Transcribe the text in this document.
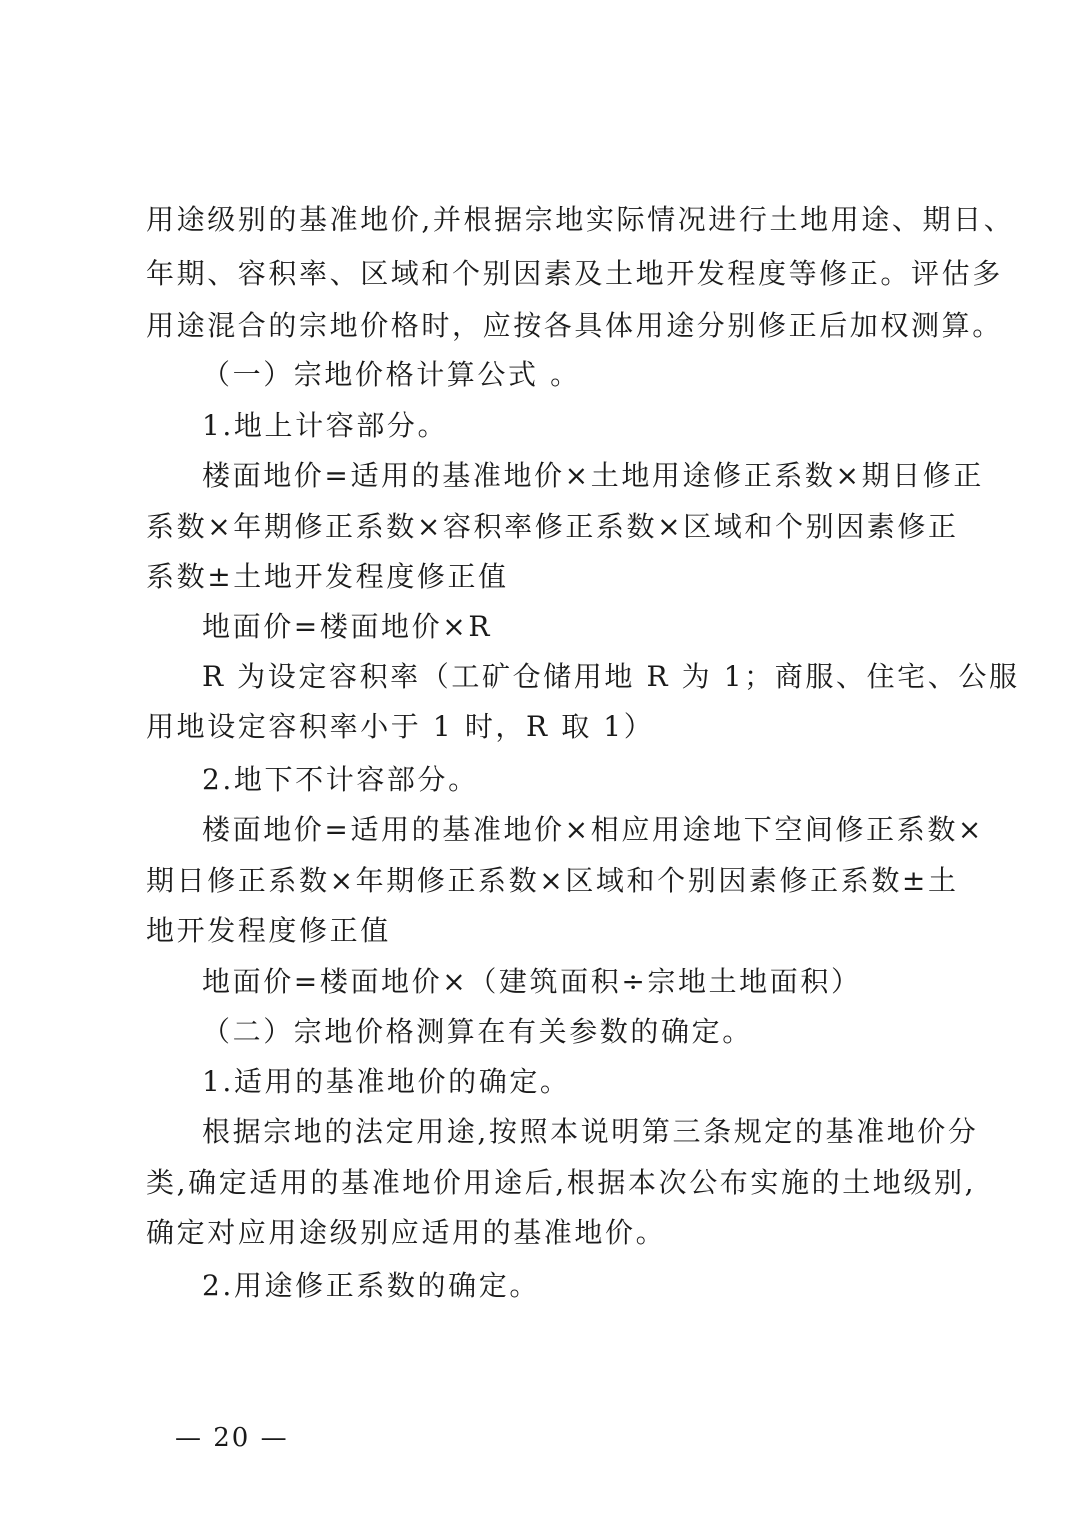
用途级别的基准地价,并根据宗地实际情况进行土地用途、期日、
年期、容积率、区域和个别因素及土地开发程度等修正。评估多
用途混合的宗地价格时，应按各具体用途分别修正后加权测算。
（一）宗地价格计算公式 。
1.地上计容部分。
楼面地价=适用的基准地价×土地用途修正系数×期日修正
系数×年期修正系数×容积率修正系数×区域和个别因素修正
系数±土地开发程度修正值
地面价=楼面地价×R
R 为设定容积率（工矿仓储用地 R 为 1；商服、住宅、公服
用地设定容积率小于 1 时，R 取 1）
2.地下不计容部分。
楼面地价=适用的基准地价×相应用途地下空间修正系数×
期日修正系数×年期修正系数×区域和个别因素修正系数±土
地开发程度修正值
地面价=楼面地价×（建筑面积÷宗地土地面积）
（二）宗地价格测算在有关参数的确定。
1.适用的基准地价的确定。
根据宗地的法定用途,按照本说明第三条规定的基准地价分
类,确定适用的基准地价用途后,根据本次公布实施的土地级别,
确定对应用途级别应适用的基准地价。
2.用途修正系数的确定。
— 20 —
